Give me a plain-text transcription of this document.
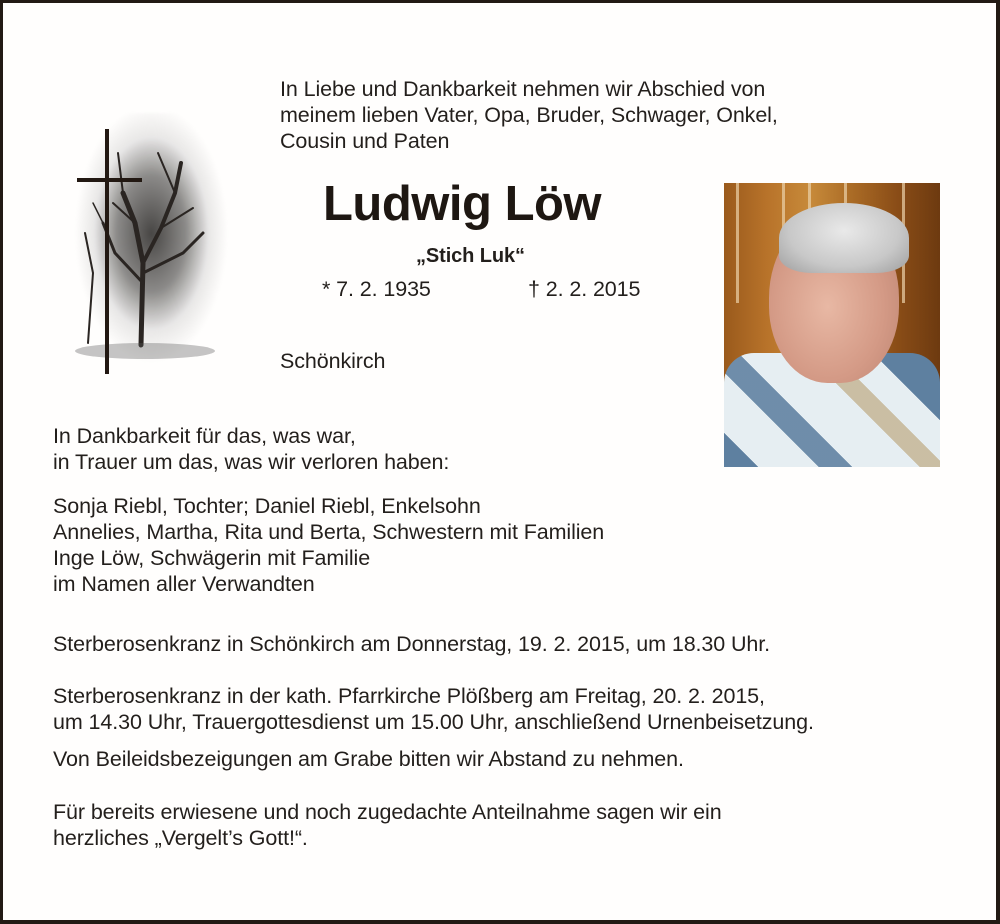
In Liebe und Dankbarkeit nehmen wir Abschied von
meinem lieben Vater, Opa, Bruder, Schwager, Onkel,
Cousin und Paten
Ludwig Löw
„Stich Luk“
* 7. 2. 1935	† 2. 2. 2015
Schönkirch
In Dankbarkeit für das, was war,
in Trauer um das, was wir verloren haben:
Sonja Riebl, Tochter; Daniel Riebl, Enkelsohn
Annelies, Martha, Rita und Berta, Schwestern mit Familien
Inge Löw, Schwägerin mit Familie
im Namen aller Verwandten
Sterberosenkranz in Schönkirch am Donnerstag, 19. 2. 2015, um 18.30 Uhr.
Sterberosenkranz in der kath. Pfarrkirche Plößberg am Freitag, 20. 2. 2015,
um 14.30 Uhr, Trauergottesdienst um 15.00 Uhr, anschließend Urnenbeisetzung.
Von Beileidsbezeigungen am Grabe bitten wir Abstand zu nehmen.
Für bereits erwiesene und noch zugedachte Anteilnahme sagen wir ein
herzliches „Vergelt’s Gott!“.
